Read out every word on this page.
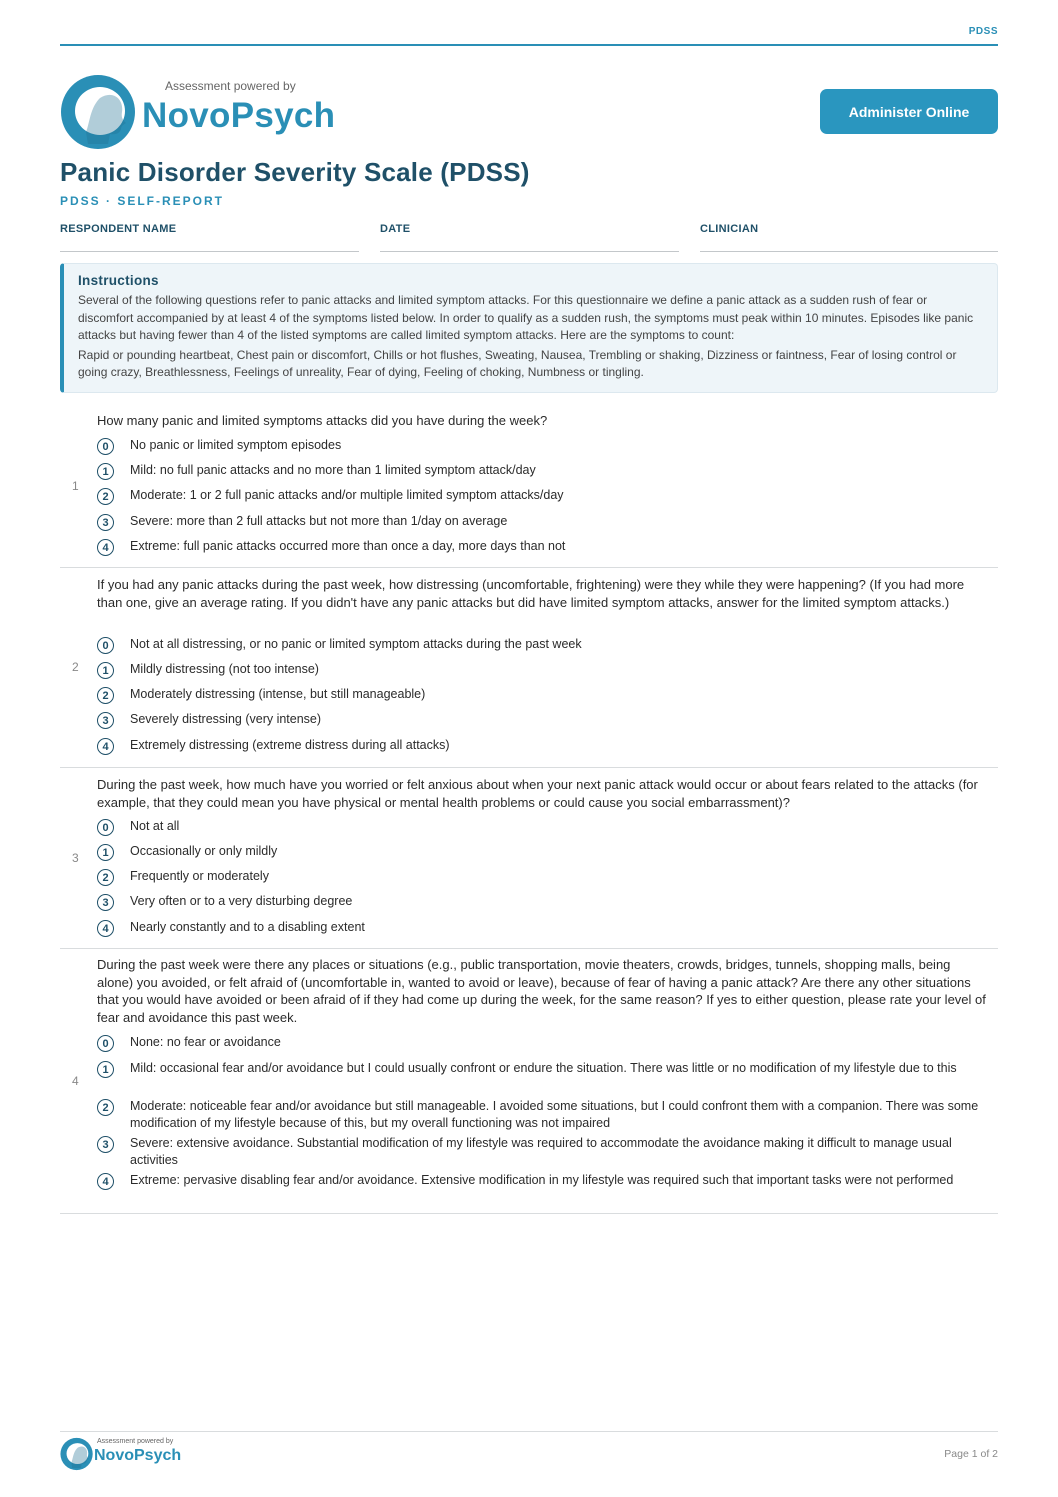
PDSS
Assessment powered by
NovoPsych	Administer Online
Panic Disorder Severity Scale (PDSS)
PDSS · SELF-REPORT
RESPONDENT NAME	DATE	CLINICIAN
Instructions

Several of the following questions refer to panic attacks and limited symptom attacks. For this questionnaire we define a panic attack as a sudden rush of fear or discomfort accompanied by at least 4 of the symptoms listed below. In order to qualify as a sudden rush, the symptoms must peak within 10 minutes. Episodes like panic attacks but having fewer than 4 of the listed symptoms are called limited symptom attacks. Here are the symptoms to count:

Rapid or pounding heartbeat, Chest pain or discomfort, Chills or hot flushes, Sweating, Nausea, Trembling or shaking, Dizziness or faintness, Fear of losing control or going crazy, Breathlessness, Feelings of unreality, Fear of dying, Feeling of choking, Numbness or tingling.

1
How many panic and limited symptoms attacks did you have during the week?
0	No panic or limited symptom episodes
1	Mild: no full panic attacks and no more than 1 limited symptom attack/day
2	Moderate: 1 or 2 full panic attacks and/or multiple limited symptom attacks/day
3	Severe: more than 2 full attacks but not more than 1/day on average
4	Extreme: full panic attacks occurred more than once a day, more days than not
2
If you had any panic attacks during the past week, how distressing (uncomfortable, frightening) were they while they were happening? (If you had more than one, give an average rating. If you didn't have any panic attacks but did have limited symptom attacks, answer for the limited symptom attacks.)
0	Not at all distressing, or no panic or limited symptom attacks during the past week
1	Mildly distressing (not too intense)
2	Moderately distressing (intense, but still manageable)
3	Severely distressing (very intense)
4	Extremely distressing (extreme distress during all attacks)
3
During the past week, how much have you worried or felt anxious about when your next panic attack would occur or about fears related to the attacks (for example, that they could mean you have physical or mental health problems or could cause you social embarrassment)?
0	Not at all
1	Occasionally or only mildly
2	Frequently or moderately
3	Very often or to a very disturbing degree
4	Nearly constantly and to a disabling extent
4
During the past week were there any places or situations (e.g., public transportation, movie theaters, crowds, bridges, tunnels, shopping malls, being alone) you avoided, or felt afraid of (uncomfortable in, wanted to avoid or leave), because of fear of having a panic attack? Are there any other situations that you would have avoided or been afraid of if they had come up during the week, for the same reason? If yes to either question, please rate your level of fear and avoidance this past week.
0	None: no fear or avoidance
1	Mild: occasional fear and/or avoidance but I could usually confront or endure the situation. There was little or no modification of my lifestyle due to this
2	Moderate: noticeable fear and/or avoidance but still manageable. I avoided some situations, but I could confront them with a companion. There was some modification of my lifestyle because of this, but my overall functioning was not impaired
3	Severe: extensive avoidance. Substantial modification of my lifestyle was required to accommodate the avoidance making it difficult to manage usual activities
4	Extreme: pervasive disabling fear and/or avoidance. Extensive modification in my lifestyle was required such that important tasks were not performed
Assessment powered by
NovoPsych	Page 1 of 2
